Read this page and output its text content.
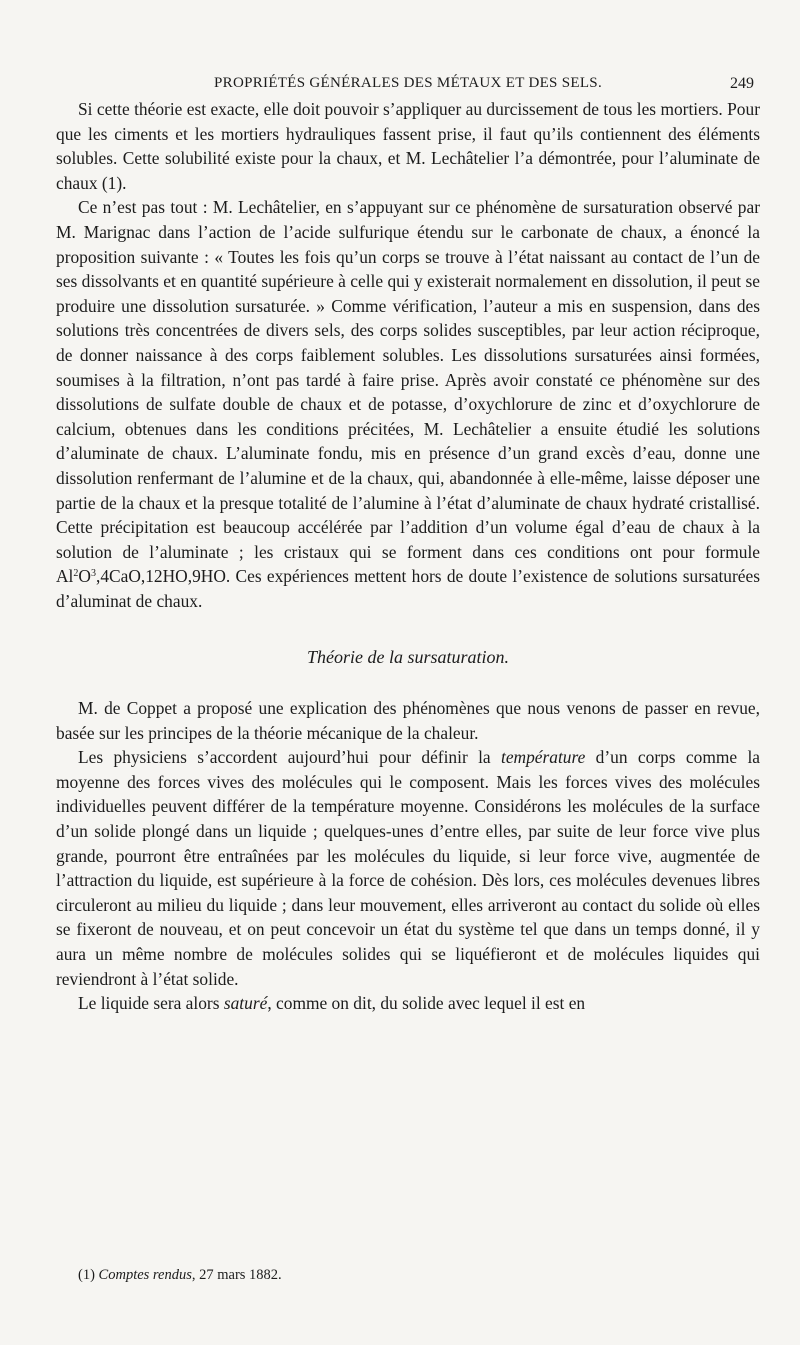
PROPRIÉTÉS GÉNÉRALES DES MÉTAUX ET DES SELS.	249

Si cette théorie est exacte, elle doit pouvoir s’appliquer au durcissement de tous les mortiers. Pour que les ciments et les mortiers hydrauliques fassent prise, il faut qu’ils contiennent des éléments solubles. Cette solubilité existe pour la chaux, et M. Lechâtelier l’a démontrée, pour l’aluminate de chaux (1).

Ce n’est pas tout : M. Lechâtelier, en s’appuyant sur ce phénomène de sursaturation observé par M. Marignac dans l’action de l’acide sulfurique étendu sur le carbonate de chaux, a énoncé la proposition suivante : « Toutes les fois qu’un corps se trouve à l’état naissant au contact de l’un de ses dissolvants et en quantité supérieure à celle qui y existerait normalement en dissolution, il peut se produire une dissolution sursaturée. » Comme vérification, l’auteur a mis en suspension, dans des solutions très concentrées de divers sels, des corps solides susceptibles, par leur action réciproque, de donner naissance à des corps faiblement solubles. Les dissolutions sursaturées ainsi formées, soumises à la filtration, n’ont pas tardé à faire prise. Après avoir constaté ce phénomène sur des dissolutions de sulfate double de chaux et de potasse, d’oxychlorure de zinc et d’oxychlorure de calcium, obtenues dans les conditions précitées, M. Lechâtelier a ensuite étudié les solutions d’aluminate de chaux. L’aluminate fondu, mis en présence d’un grand excès d’eau, donne une dissolution renfermant de l’alumine et de la chaux, qui, abandonnée à elle-même, laisse déposer une partie de la chaux et la presque totalité de l’alumine à l’état d’aluminate de chaux hydraté cristallisé. Cette précipitation est beaucoup accélérée par l’addition d’un volume égal d’eau de chaux à la solution de l’aluminate ; les cristaux qui se forment dans ces conditions ont pour formule $Al^2O^3,4CaO,12HO,9HO$. Ces expériences mettent hors de doute l’existence de solutions sursaturées d’aluminat de chaux.

Théorie de la sursaturation.

M. de Coppet a proposé une explication des phénomènes que nous venons de passer en revue, basée sur les principes de la théorie mécanique de la chaleur.

Les physiciens s’accordent aujourd’hui pour définir la température d’un corps comme la moyenne des forces vives des molécules qui le composent. Mais les forces vives des molécules individuelles peuvent différer de la température moyenne. Considérons les molécules de la surface d’un solide plongé dans un liquide ; quelques-unes d’entre elles, par suite de leur force vive plus grande, pourront être entraînées par les molécules du liquide, si leur force vive, augmentée de l’attraction du liquide, est supérieure à la force de cohésion. Dès lors, ces molécules devenues libres circuleront au milieu du liquide ; dans leur mouvement, elles arriveront au contact du solide où elles se fixeront de nouveau, et on peut concevoir un état du système tel que dans un temps donné, il y aura un même nombre de molécules solides qui se liquéfieront et de molécules liquides qui reviendront à l’état solide.

Le liquide sera alors saturé, comme on dit, du solide avec lequel il est en

(1) Comptes rendus, 27 mars 1882.
